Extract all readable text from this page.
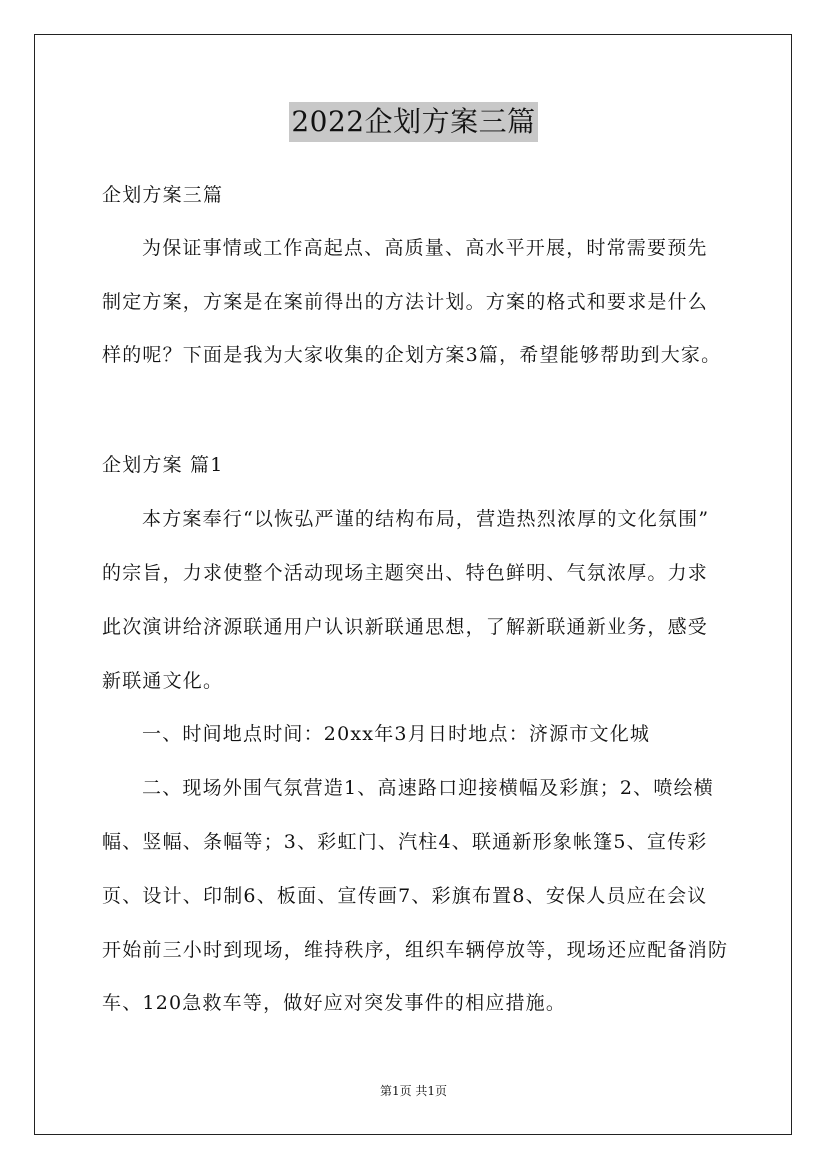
2022企划方案三篇
企划方案三篇
为保证事情或工作高起点、高质量、高水平开展，时常需要预先
制定方案，方案是在案前得出的方法计划。方案的格式和要求是什么
样的呢？下面是我为大家收集的企划方案3篇，希望能够帮助到大家。
企划方案 篇1
本方案奉行“以恢弘严谨的结构布局，营造热烈浓厚的文化氛围”
的宗旨，力求使整个活动现场主题突出、特色鲜明、气氛浓厚。力求
此次演讲给济源联通用户认识新联通思想，了解新联通新业务，感受
新联通文化。
一、时间地点时间：20xx年3月日时地点：济源市文化城
二、现场外围气氛营造1、高速路口迎接横幅及彩旗；2、喷绘横
幅、竖幅、条幅等；3、彩虹门、汽柱4、联通新形象帐篷5、宣传彩
页、设计、印制6、板面、宣传画7、彩旗布置8、安保人员应在会议
开始前三小时到现场，维持秩序，组织车辆停放等，现场还应配备消防
车、120急救车等，做好应对突发事件的相应措施。
第1页 共1页
